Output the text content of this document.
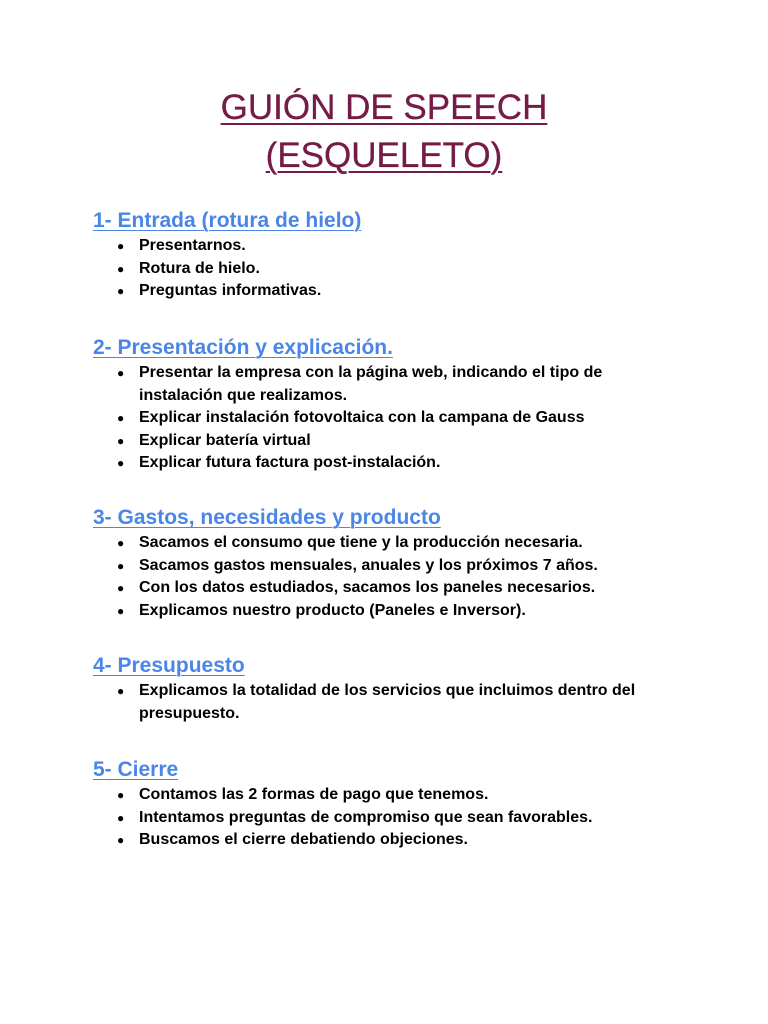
GUIÓN DE SPEECH
(ESQUELETO)
1- Entrada (rotura de hielo)
● Presentarnos.
● Rotura de hielo.
● Preguntas informativas.
2- Presentación y explicación.
● Presentar la empresa con la página web, indicando el tipo de instalación que realizamos.
● Explicar instalación fotovoltaica con la campana de Gauss
● Explicar batería virtual
● Explicar futura factura post-instalación.
3- Gastos, necesidades y producto
● Sacamos el consumo que tiene y la producción necesaria.
● Sacamos gastos mensuales, anuales y los próximos 7 años.
● Con los datos estudiados, sacamos los paneles necesarios.
● Explicamos nuestro producto (Paneles e Inversor).
4- Presupuesto
● Explicamos la totalidad de los servicios que incluimos dentro del presupuesto.
5- Cierre
● Contamos las 2 formas de pago que tenemos.
● Intentamos preguntas de compromiso que sean favorables.
● Buscamos el cierre debatiendo objeciones.
